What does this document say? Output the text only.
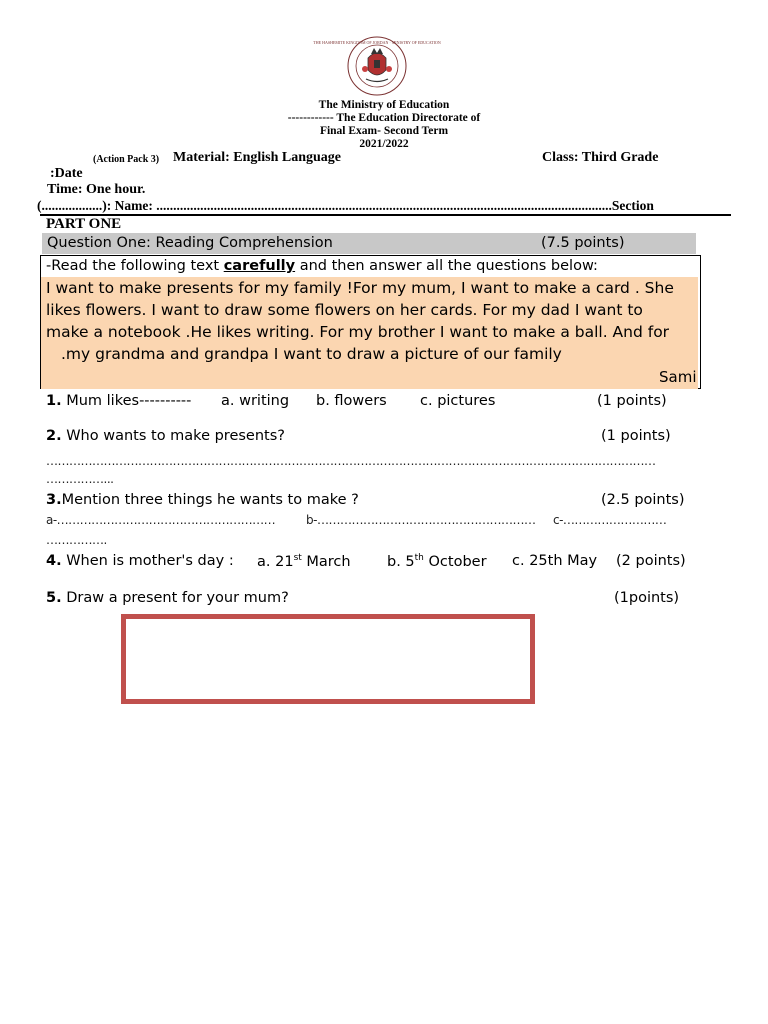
THE HASHEMITE KINGDOM OF JORDAN · MINISTRY OF EDUCATION
The Ministry of Education
------------ The Education Directorate of
Final Exam- Second Term
2021/2022
(Action Pack 3) Material: English Language	Class: Third Grade
:Date
Time: One hour.
(..................): Name: .......................................................................................................................................Section
PART ONE
Question One: Reading Comprehension	(7.5 points)
-Read the following text carefully and then answer all the questions below:
I want to make presents for my family !For my mum, I want to make a card . She
likes flowers. I want to draw some flowers on her cards. For my dad I want to
make a notebook .He likes writing. For my brother I want to make a ball. And for
.my grandma and grandpa I want to draw a picture of our family
Sami
1. Mum likes---------- a. writing b. flowers c. pictures	(1 points)
2. Who wants to make presents?	(1 points)
……………………………………………………………………………………………………………………………………………
……………...
3.Mention three things he wants to make ?	(2.5 points)
a-…………………………………………………	b-………………………………………………… c-………………………
…………….
4. When is mother's day : a. 21st March	b. 5th October c. 25th May (2 points)
5. Draw a present for your mum?	(1points)
